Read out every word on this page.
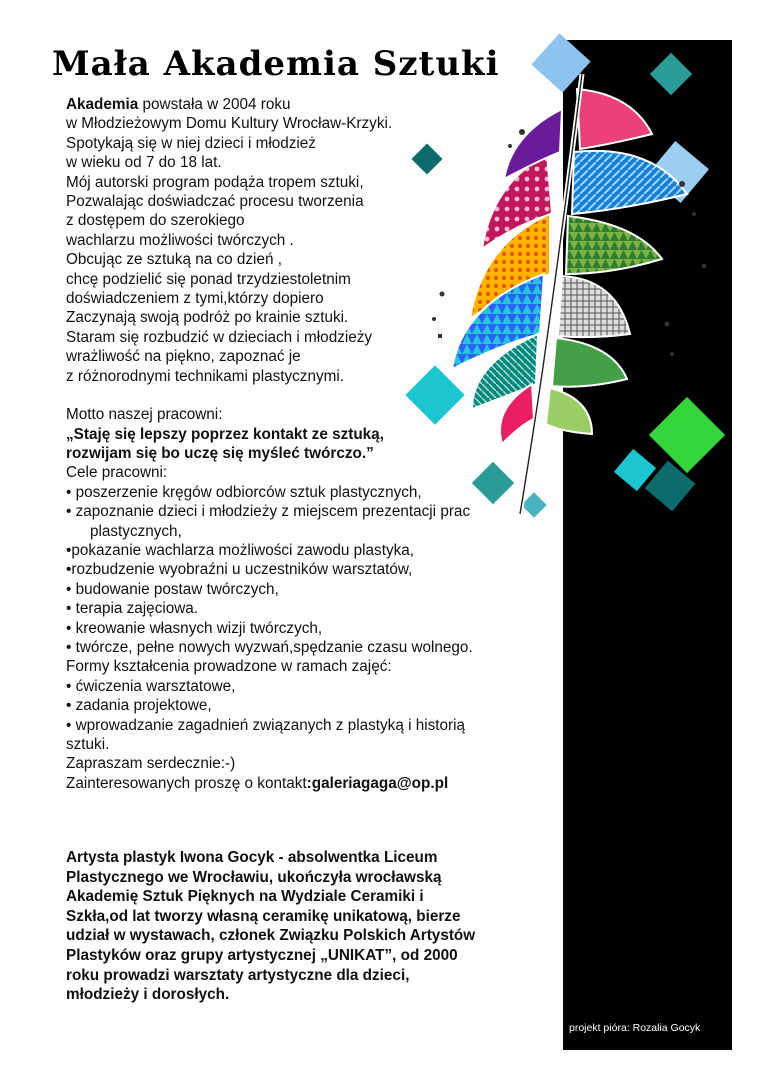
Mała Akademia Sztuki

Akademia powstała w 2004 roku

w Młodzieżowym Domu Kultury Wrocław-Krzyki.

Spotykają się w niej dzieci i młodzież

w wieku od 7 do 18 lat.

Mój autorski program podąża tropem sztuki,

Pozwalając doświadczać procesu tworzenia

z dostępem do szerokiego

wachlarzu możliwości twórczych .

Obcując ze sztuką na co dzień ,

chcę podzielić się ponad trzydziestoletnim

doświadczeniem z tymi,którzy dopiero

Zaczynają swoją podróż po krainie sztuki.

Staram się rozbudzić w dzieciach i młodzieży

wrażliwość na piękno, zapoznać je

z różnorodnymi technikami plastycznymi.

Motto naszej pracowni:

„Staję się lepszy poprzez kontakt ze sztuką,

rozwijam się bo uczę się myśleć twórczo.”

Cele pracowni:

• poszerzenie kręgów odbiorców sztuk plastycznych,

• zapoznanie dzieci i młodzieży z miejscem prezentacji prac

plastycznych,

•pokazanie wachlarza możliwości zawodu plastyka,

•rozbudzenie wyobraźni u uczestników warsztatów,

• budowanie postaw twórczych,

• terapia zajęciowa.

• kreowanie własnych wizji twórczych,

• twórcze, pełne nowych wyzwań,spędzanie czasu wolnego.

Formy kształcenia prowadzone w ramach zajęć:

• ćwiczenia warsztatowe,

• zadania projektowe,

• wprowadzanie zagadnień związanych z plastyką i historią

sztuki.

Zapraszam serdecznie:-)

Zainteresowanych proszę o kontakt:galeriagaga@op.pl

Artysta plastyk Iwona Gocyk - absolwentka Liceum

Plastycznego we Wrocławiu, ukończyła wrocławską

Akademię Sztuk Pięknych na Wydziale Ceramiki i

Szkła,od lat tworzy własną ceramikę unikatową, bierze

udział w wystawach, członek Związku Polskich Artystów

Plastyków oraz grupy artystycznej „UNIKAT”, od 2000

roku prowadzi warsztaty artystyczne dla dzieci,

młodzieży i dorosłych.

projekt pióra: Rozalia Gocyk
